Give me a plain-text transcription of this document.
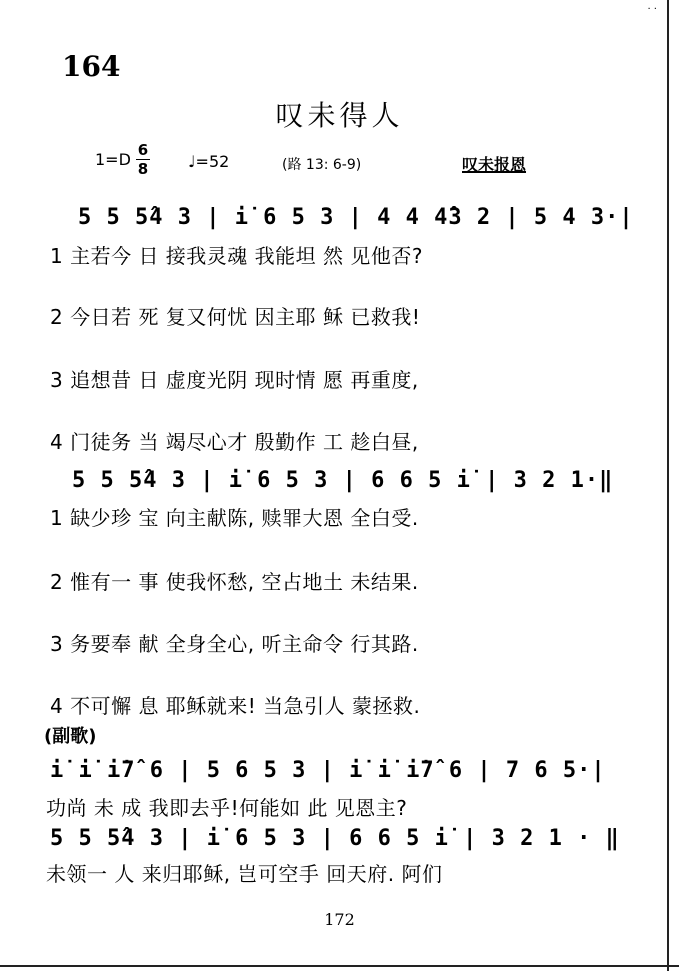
· ·
164
叹未得人
1=D 6
8 ♩=52	(路 13: 6-9)	叹未报恩
5 5 5̂4 3 | i̇ 6 5 3 | 4 4 4̂3 2 | 5 4 3·|
1 主若今 日 接我灵魂 我能坦 然 见他否?
2 今日若 死 复又何忧 因主耶 稣 已救我!
3 追想昔 日 虚度光阴 现时情 愿 再重度,
4 门徒务 当 竭尽心才 殷勤作 工 趁白昼,
5 5 5̂4 3 | i̇ 6 5 3 | 6 6 5 i̇ | 3 2 1·‖
1 缺少珍 宝 向主献陈, 赎罪大恩 全白受.
2 惟有一 事 使我怀愁, 空占地土 未结果.
3 务要奉 献 全身全心, 听主命令 行其路.
4 不可懈 息 耶稣就来! 当急引人 蒙拯救.
(副歌)
i̇ i̇ i̇7̂ 6 | 5 6 5 3 | i̇ i̇ i̇7̂ 6 | 7 6 5·|
功尚 未 成 我即去乎!何能如 此 见恩主?
5 5 5̂4 3 | i̇ 6 5 3 | 6 6 5 i̇ | 3 2 1 · ‖
未领一 人 来归耶稣, 岂可空手 回天府. 阿们
172
